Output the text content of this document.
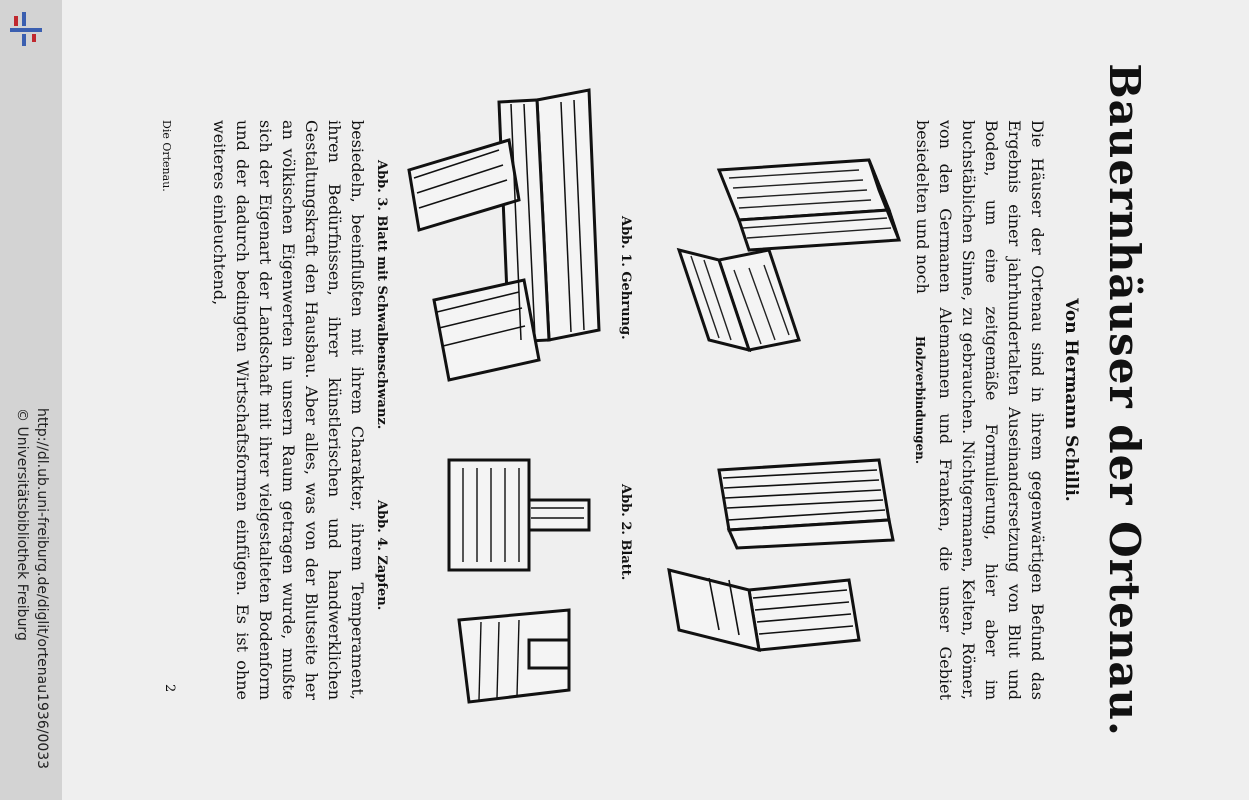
http://dl.ub.uni-freiburg.de/diglit/ortenau1936/0033
© Universitätsbibliothek Freiburg	Bauernhäuser der Ortenau.
Von Hermann Schilli.
Die Häuser der Ortenau sind in ihrem gegenwärtigen Befund das Ergebnis einer jahrhundertalten Auseinandersetzung von Blut und Boden, um eine zeitgemäße Formulierung, hier aber im buchstäblichen Sinne, zu gebrauchen. Nichtgermanen, Kelten, Römer, von den Germanen Alemannen und Franken, die unser Gebiet besiedelten und noch
Holzverbindungen.
Abb. 1. Gehrung.
Abb. 2. Blatt.
Abb. 3. Blatt mit Schwalbenschwanz.
Abb. 4. Zapfen.
besiedeln, beeinflußten mit ihrem Charakter, ihrem Temperament, ihren Bedürfnissen, ihrer künstlerischen und handwerklichen Gestaltungskraft den Hausbau. Aber alles, was von der Blutseite her an völkischen Eigenwerten in unsern Raum getragen wurde, mußte sich der Eigenart der Landschaft mit ihrer vielgestalteten Bodenform und der dadurch bedingten Wirtschaftsformen einfügen. Es ist ohne weiteres einleuchtend,
Die Ortenau.
2
